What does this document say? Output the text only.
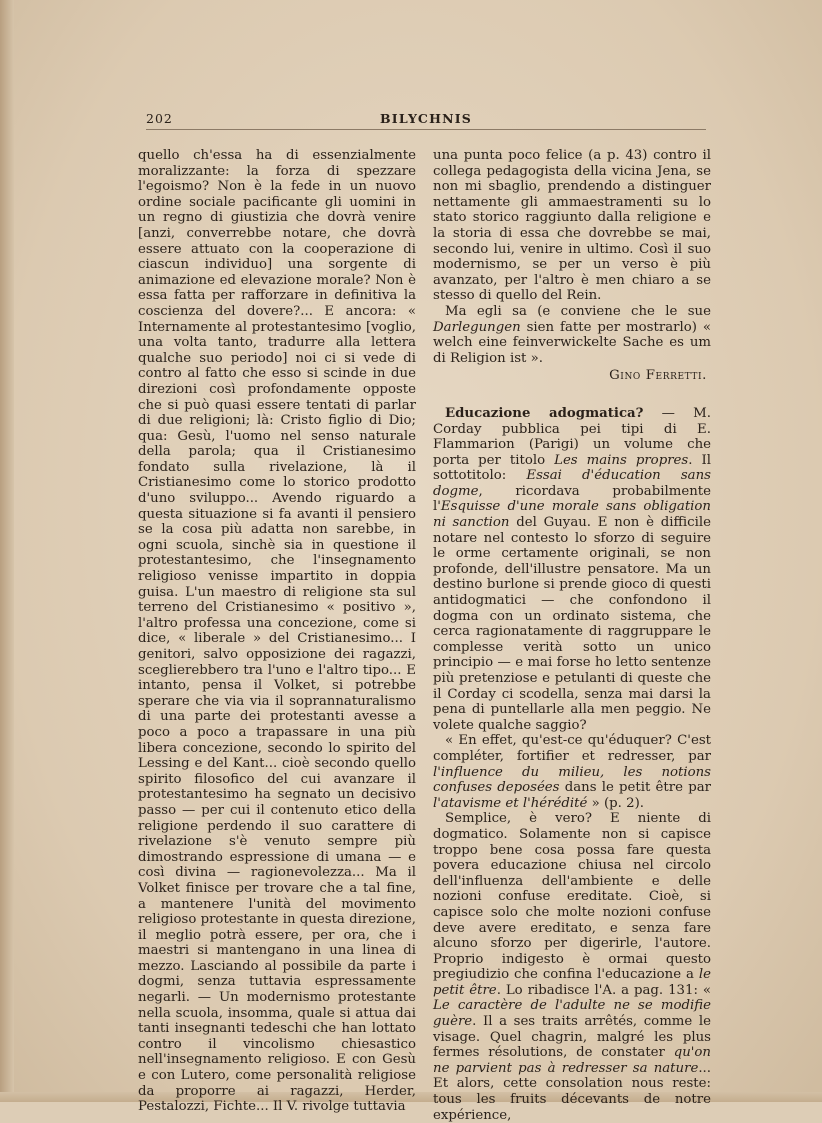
202	BILYCHNIS

quello ch'essa ha di essenzialmente moralizzante: la forza di spezzare l'egoismo? Non è la fede in un nuovo ordine sociale pacificante gli uomini in un regno di giustizia che dovrà venire [anzi, converrebbe notare, che dovrà essere attuato con la cooperazione di ciascun individuo] una sorgente di animazione ed elevazione morale? Non è essa fatta per rafforzare in definitiva la coscienza del dovere?... E ancora: « Internamente al protestantesimo [voglio, una volta tanto, tradurre alla lettera qualche suo periodo] noi ci si vede di contro al fatto che esso si scinde in due direzioni così profondamente opposte che si può quasi essere tentati di parlar di due religioni; là: Cristo figlio di Dio; qua: Gesù, l'uomo nel senso naturale della parola; qua il Cristianesimo fondato sulla rivelazione, là il Cristianesimo come lo storico prodotto d'uno sviluppo... Avendo riguardo a questa situazione si fa avanti il pensiero se la cosa più adatta non sarebbe, in ogni scuola, sinchè sia in questione il protestantesimo, che l'insegnamento religioso venisse impartito in doppia guisa. L'un maestro di religione sta sul terreno del Cristianesimo « positivo », l'altro professa una concezione, come si dice, « liberale » del Cristianesimo... I genitori, salvo opposizione dei ragazzi, sceglierebbero tra l'uno e l'altro tipo... E intanto, pensa il Volket, si potrebbe sperare che via via il soprannaturalismo di una parte dei protestanti avesse a poco a poco a trapassare in una più libera concezione, secondo lo spirito del Lessing e del Kant... cioè secondo quello spirito filosofico del cui avanzare il protestantesimo ha segnato un decisivo passo — per cui il contenuto etico della religione perdendo il suo carattere di rivelazione s'è venuto sempre più dimostrando espressione di umana — e così divina — ragionevolezza... Ma il Volket finisce per trovare che a tal fine, a mantenere l'unità del movimento religioso protestante in questa direzione, il meglio potrà essere, per ora, che i maestri si mantengano in una linea di mezzo. Lasciando al possibile da parte i dogmi, senza tuttavia espressamente negarli. — Un modernismo protestante nella scuola, insomma, quale si attua dai tanti insegnanti tedeschi che han lottato contro il vincolismo chiesastico nell'insegnamento religioso. E con Gesù e con Lutero, come personalità religiose da proporre ai ragazzi, Herder, Pestalozzi, Fichte... Il V. rivolge tuttavia

una punta poco felice (a p. 43) contro il collega pedagogista della vicina Jena, se non mi sbaglio, prendendo a distinguer nettamente gli ammaestramenti su lo stato storico raggiunto dalla religione e la storia di essa che dovrebbe se mai, secondo lui, venire in ultimo. Così il suo modernismo, se per un verso è più avanzato, per l'altro è men chiaro a se stesso di quello del Rein.

Ma egli sa (e conviene che le sue Darlegungen sien fatte per mostrarlo) « welch eine feinverwickelte Sache es um di Religion ist ».

Gino Ferretti.

Educazione adogmatica? — M. Corday pubblica pei tipi di E. Flammarion (Parigi) un volume che porta per titolo Les mains propres. Il sottotitolo: Essai d'éducation sans dogme, ricordava probabilmente l'Esquisse d'une morale sans obligation ni sanction del Guyau. E non è difficile notare nel contesto lo sforzo di seguire le orme certamente originali, se non profonde, dell'illustre pensatore. Ma un destino burlone si prende gioco di questi antidogmatici — che confondono il dogma con un ordinato sistema, che cerca ragionatamente di raggruppare le complesse verità sotto un unico principio — e mai forse ho letto sentenze più pretenziose e petulanti di queste che il Corday ci scodella, senza mai darsi la pena di puntellarle alla men peggio. Ne volete qualche saggio?

« En effet, qu'est-ce qu'éduquer? C'est compléter, fortifier et redresser, par l'influence du milieu, les notions confuses deposées dans le petit être par l'atavisme et l'hérédité » (p. 2).

Semplice, è vero? E niente di dogmatico. Solamente non si capisce troppo bene cosa possa fare questa povera educazione chiusa nel circolo dell'influenza dell'ambiente e delle nozioni confuse ereditate. Cioè, si capisce solo che molte nozioni confuse deve avere ereditato, e senza fare alcuno sforzo per digerirle, l'autore. Proprio indigesto è ormai questo pregiudizio che confina l'educazione a le petit être. Lo ribadisce l'A. a pag. 131: « Le caractère de l'adulte ne se modifie guère. Il a ses traits arrêtés, comme le visage. Quel chagrin, malgré les plus fermes résolutions, de constater qu'on ne parvient pas à redresser sa nature... Et alors, cette consolation nous reste: tous les fruits décevants de notre expérience,
